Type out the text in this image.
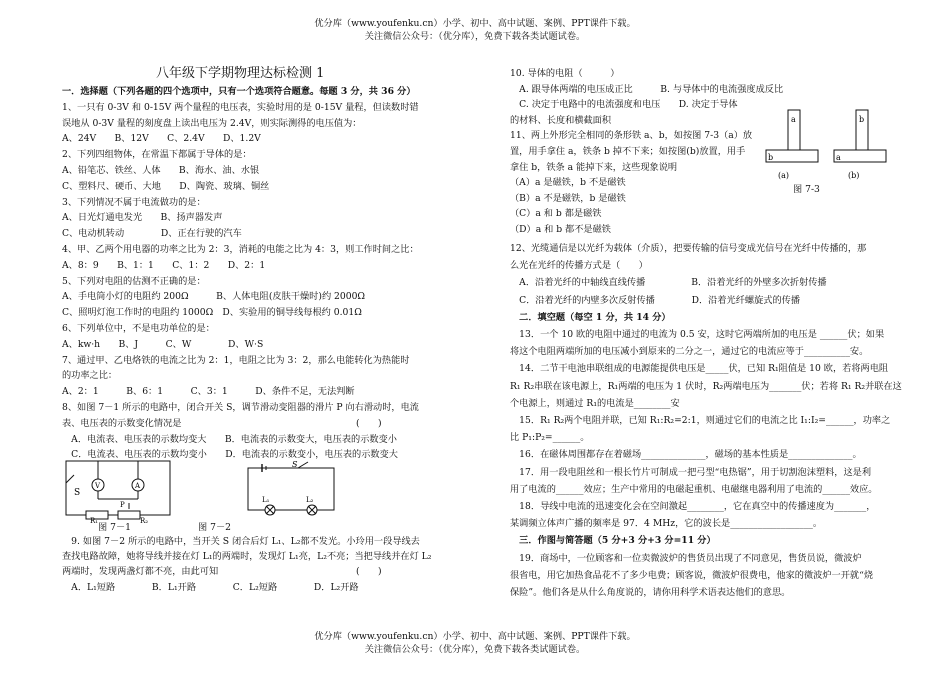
优分库（www.youfenku.cn）小学、初中、高中试题、案例、PPT课件下载。
关注微信公众号：（优分库），免费下载各类试题试卷。
八年级下学期物理达标检测 1
一．选择题（下列各题的四个选项中，只有一个选项符合题意。每题 3 分，共 36 分）
1、一只有 0-3V 和 0-15V 两个量程的电压表，实验时用的是 0-15V 量程，但读数时错
误地从 0-3V 量程的刻度盘上读出电压为 2.4V，则实际测得的电压值为：
A、24V　　B、12V　　C、2.4V　　D、1.2V
2、下列四组物体，在常温下都属于导体的是：
A、铅笔芯、铁丝、人体　　B、海水、油、水银
C、塑料尺、硬币、大地　　D、陶瓷、玻璃、铜丝
3、下列情况不属于电流做功的是：
A、日光灯通电发光　　B、扬声器发声
C、电动机转动　　　　D、正在行驶的汽车
4、甲、乙两个用电器的功率之比为 2：3，消耗的电能之比为 4：3，则工作时间之比：
A、8：9　　B、1：1　　C、1：2　　D、2：1
5、下列对电阻的估测不正确的是：
A、手电筒小灯的电阻约 200Ω　　　B、人体电阻(皮肤干燥时)约 2000Ω
C、照明灯泡工作时的电阻约 1000Ω　D、实验用的铜导线每根约 0.01Ω
6、下列单位中，不是电功单位的是：
A、kw·h　　B、J　　　C、W　　　　D、W·S
7、通过甲、乙电烙铁的电流之比为 2：1，电阻之比为 3：2，那么电能转化为热能时
的功率之比：
A、2：1　　　B、6：1　　　C、3：1　　　D、条件不足，无法判断
8、如图 7－1 所示的电路中，闭合开关 S，调节滑动变阻器的滑片 P 向右滑动时，电流
表、电压表的示数变化情况是　　　　　　　　　　　　　　　　　　　(　　)
　A．电流表、电压表的示数均变大　　B．电流表的示数变大，电压表的示数变小
　C．电流表、电压表的示数均变小　　D．电流表的示数变小，电压表的示数变大
S
V	A
P
R₁	R₂
图 7－1
S
L₁	L₂
图 7－2
　9. 如图 7－2 所示的电路中，当开关 S 闭合后灯 L₁、L₂都不发光。小玲用一段导线去
查找电路故障，她将导线并接在灯 L₁的两端时，发现灯 L₁亮，L₂不亮；当把导线并在灯 L₂
两端时，发现两盏灯都不亮，由此可知　　　　　　　　　　　　　　　(　　)
　A．L₁短路　　　　B．L₁开路　　　　C．L₂短路　　　　D．L₂开路
10. 导体的电阻（　　　）
　A. 跟导体两端的电压成正比　　　B. 与导体中的电流强度成反比
　C. 决定于电路中的电流强度和电压　　D. 决定于导体
的材料、长度和横截面积
11、两上外形完全相同的条形铁 a、b，如按图 7-3（a）放
置，用手拿住 a，铁条 b 掉不下来；如按图(b)放置，用手
拿住 b，铁条 a 能掉下来，这些现象说明
（A）a 是磁铁，b 不是磁铁
（B）a 不是磁铁，b 是磁铁
（C）a 和 b 都是磁铁
（D）a 和 b 都不是磁铁
a
b
b
a
(a)	(b)
图 7-3
12、光缆通信是以光纤为载体（介质），把要传输的信号变成光信号在光纤中传播的，那
么光在光纤的传播方式是（　　）
　A．沿着光纤的中轴线直线传播　　　　　B．沿着光纤的外壁多次折射传播
　C．沿着光纤的内壁多次反射传播　　　　D．沿着光纤螺旋式的传播
　二．填空题（每空 1 分，共 14 分）
　13．一个 10 欧的电阻中通过的电流为 0.5 安，这时它两端所加的电压是 ______伏；如果
将这个电阻两端所加的电压减小到原来的二分之一，通过它的电流应等于__________安。
　14．二节干电池串联组成的电源能提供电压是_____伏，已知 R₁阻值是 10 欧，若将两电阻
R₁ R₂串联在该电源上，R₁两端的电压为 1 伏时，R₂两端电压为_______伏；若将 R₁ R₂并联在这
个电源上，则通过 R₁的电流是________安
　15．R₁ R₂两个电阻并联，已知 R₁:R₂=2:1，则通过它们的电流之比 I₁:I₂=______，功率之
比 P₁:P₂=______。
　16．在磁体周围都存在着磁场______________，磁场的基本性质是______________。
　17．用一段电阻丝和一根长竹片可制成一把弓型“电热锯”，用于切割泡沫塑料，这是利
用了电流的______效应；生产中常用的电磁起重机、电磁继电器利用了电流的______效应。
　18．导线中电流的迅速变化会在空间激起________，它在真空中的传播速度为_______，
某调频立体声广播的频率是 97．4 MHz，它的波长是__________________。
　三．作图与简答题（5 分+3 分+3 分=11 分）
　19．商场中，一位顾客和一位卖微波炉的售货员出现了不同意见，售货员说，微波炉
很省电，用它加热食品花不了多少电费；顾客说，微波炉很费电，他家的微波炉一开就“烧
保险”。他们各是从什么角度说的，请你用科学术语表达他们的意思。
优分库（www.youfenku.cn）小学、初中、高中试题、案例、PPT课件下载。
关注微信公众号：（优分库），免费下载各类试题试卷。
